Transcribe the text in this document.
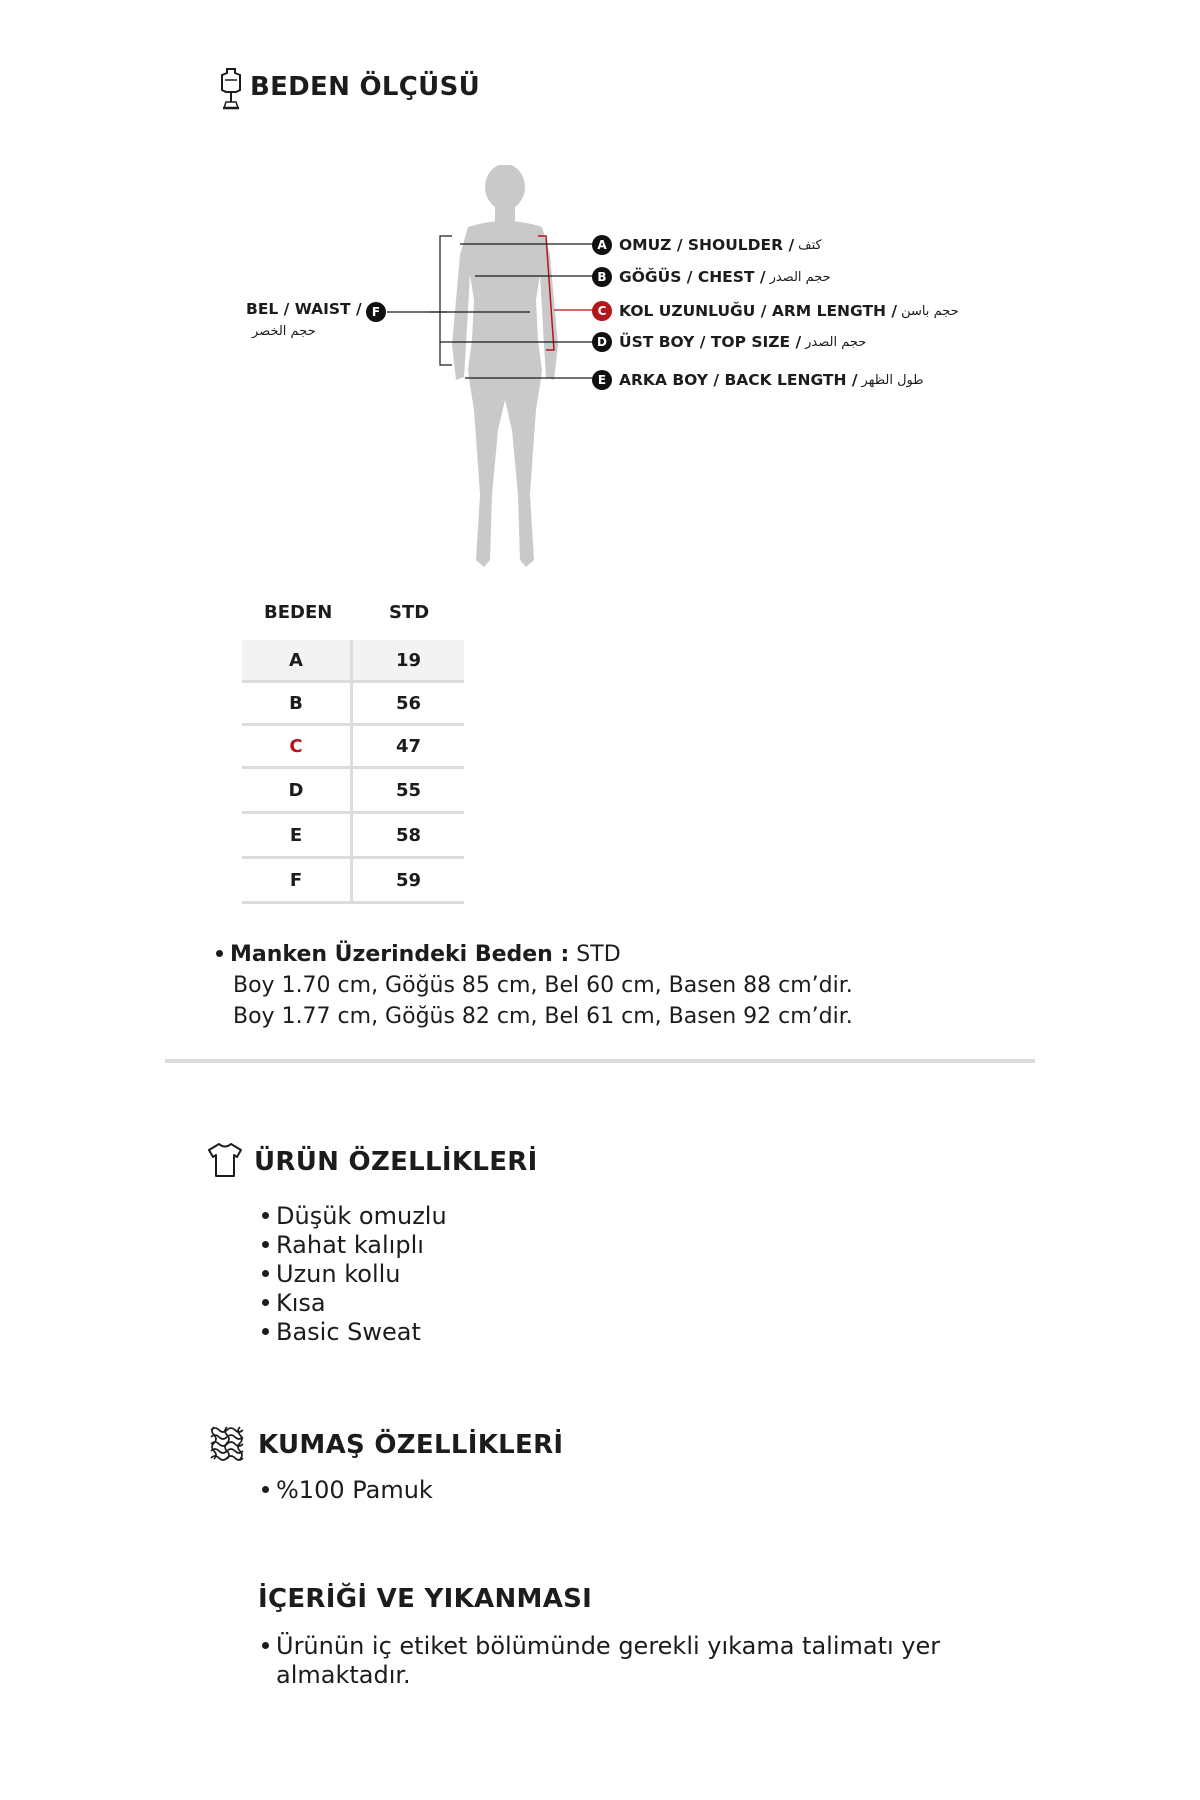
BEDEN ÖLÇÜSÜ
BEL / WAIST /
حجم الخصر
F
A OMUZ / SHOULDER / كتف
B GÖĞÜS / CHEST / حجم الصدر
C KOL UZUNLUĞU / ARM LENGTH / حجم باسن
D ÜST BOY / TOP SIZE / حجم الصدر
E ARKA BOY / BACK LENGTH / طول الظهر
BEDEN	STD
A	19
B	56
C	47
D	55
E	58
F	59
Manken Üzerindeki Beden : STD
Boy 1.70 cm, Göğüs 85 cm, Bel 60 cm, Basen 88 cm’dir.
Boy 1.77 cm, Göğüs 82 cm, Bel 61 cm, Basen 92 cm’dir.
ÜRÜN ÖZELLİKLERİ
Düşük omuzlu
Rahat kalıplı
Uzun kollu
Kısa
Basic Sweat
KUMAŞ ÖZELLİKLERİ
%100 Pamuk
İÇERİĞİ VE YIKANMASI
Ürünün iç etiket bölümünde gerekli yıkama talimatı yer
almaktadır.
